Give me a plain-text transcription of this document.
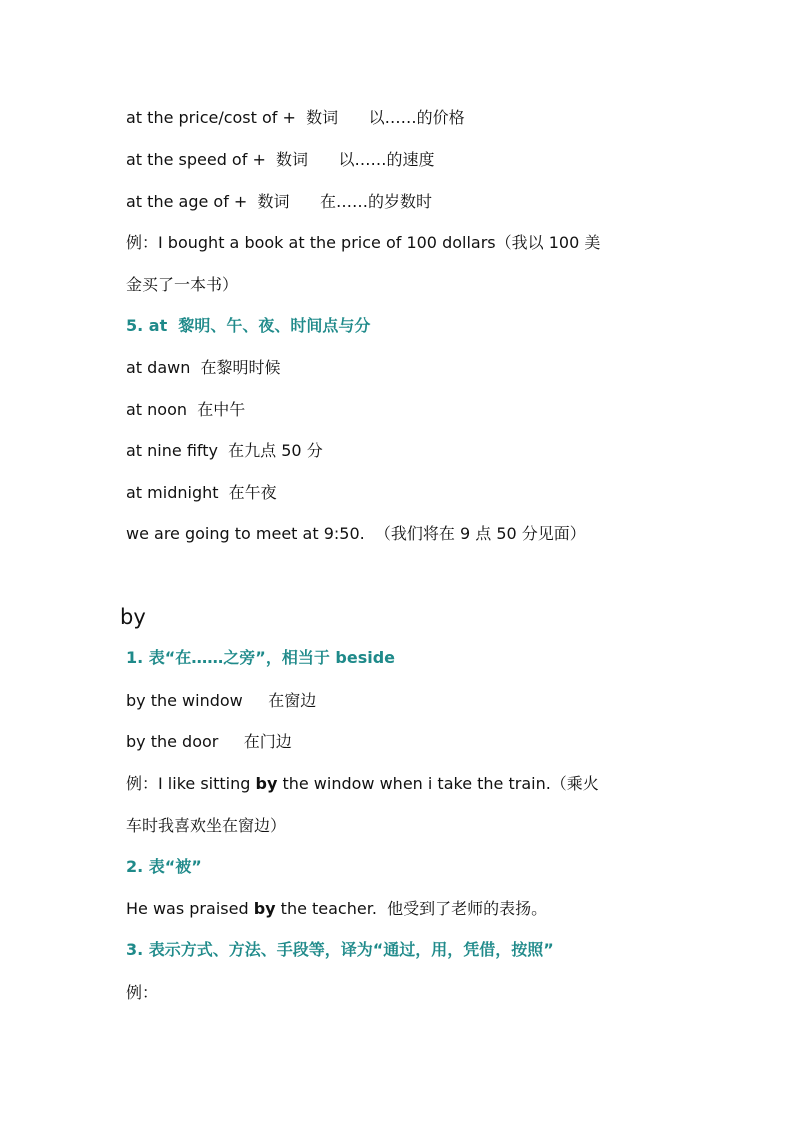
at the price/cost of +  数词      以……的价格
at the speed of +  数词      以……的速度
at the age of +  数词      在……的岁数时
例：I bought a book at the price of 100 dollars（我以 100 美
金买了一本书）
5. at  黎明、午、夜、时间点与分
at dawn  在黎明时候
at noon  在中午
at nine fifty  在九点 50 分
at midnight  在午夜
we are going to meet at 9:50.  （我们将在 9 点 50 分见面）
by
1. 表“在……之旁”，相当于 beside
by the window     在窗边
by the door     在门边
例：I like sitting by the window when i take the train.（乘火
车时我喜欢坐在窗边）
2. 表“被”
He was praised by the teacher.  他受到了老师的表扬。
3. 表示方式、方法、手段等，译为“通过，用，凭借，按照”
例：
